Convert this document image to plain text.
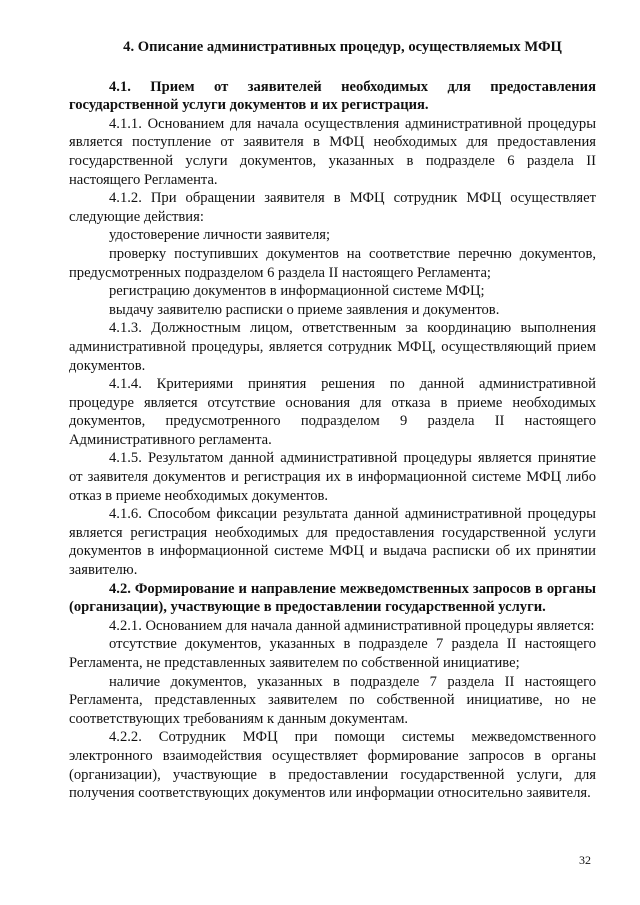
4. Описание административных процедур, осуществляемых МФЦ

4.1. Прием от заявителей необходимых для предоставления государственной услуги документов и их регистрация.

4.1.1. Основанием для начала осуществления административной процедуры является поступление от заявителя в МФЦ необходимых для предоставления государственной услуги документов, указанных в подразделе 6 раздела II настоящего Регламента.

4.1.2. При обращении заявителя в МФЦ сотрудник МФЦ осуществляет следующие действия:

удостоверение личности заявителя;

проверку поступивших документов на соответствие перечню документов, предусмотренных подразделом 6 раздела II настоящего Регламента;

регистрацию документов в информационной системе МФЦ;

выдачу заявителю расписки о приеме заявления и документов.

4.1.3. Должностным лицом, ответственным за координацию выполнения административной процедуры, является сотрудник МФЦ, осуществляющий прием документов.

4.1.4. Критериями принятия решения по данной административной процедуре является отсутствие основания для отказа в приеме необходимых документов, предусмотренного подразделом 9 раздела II настоящего Административного регламента.

4.1.5. Результатом данной административной процедуры является принятие от заявителя документов и регистрация их в информационной системе МФЦ либо отказ в приеме необходимых документов.

4.1.6. Способом фиксации результата данной административной процедуры является регистрация необходимых для предоставления государственной услуги документов в информационной системе МФЦ и выдача расписки об их принятии заявителю.

4.2. Формирование и направление межведомственных запросов в органы (организации), участвующие в предоставлении государственной услуги.

4.2.1. Основанием для начала данной административной процедуры является:

отсутствие документов, указанных в подразделе 7 раздела II настоящего Регламента, не представленных заявителем по собственной инициативе;

наличие документов, указанных в подразделе 7 раздела II настоящего Регламента, представленных заявителем по собственной инициативе, но не соответствующих требованиям к данным документам.

4.2.2. Сотрудник МФЦ при помощи системы межведомственного электронного взаимодействия осуществляет формирование запросов в органы (организации), участвующие в предоставлении государственной услуги, для получения соответствующих документов или информации относительно заявителя.

32
